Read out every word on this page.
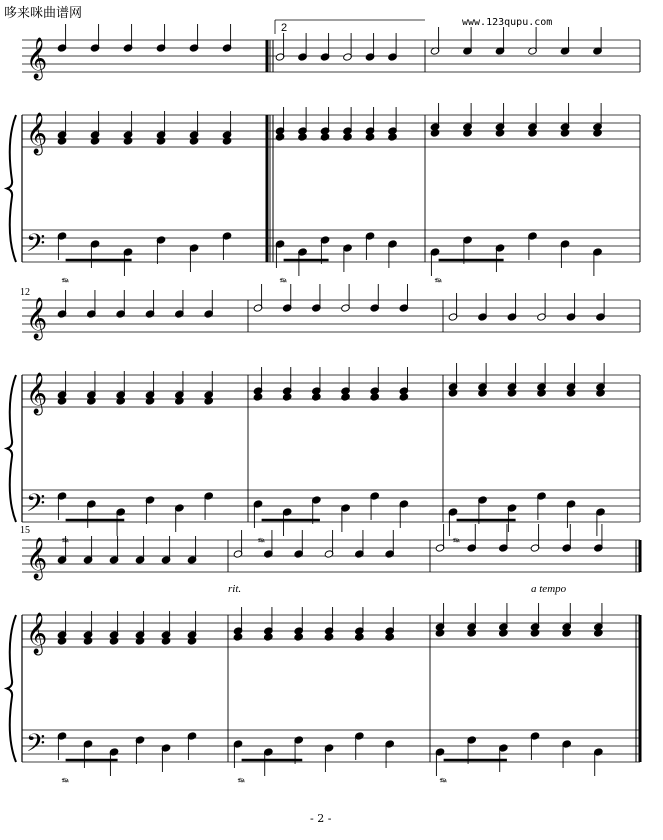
哆来咪曲谱网
www.123qupu.com
𝄞
𝄞
𝄢
𝆮	𝆮	𝆮
𝄞
𝄞
𝄢
𝆮	𝆮	𝆮
𝄞
𝄞
𝄢
𝆮	𝆮	𝆮
2
12
15
rit.	a tempo
- 2 -
